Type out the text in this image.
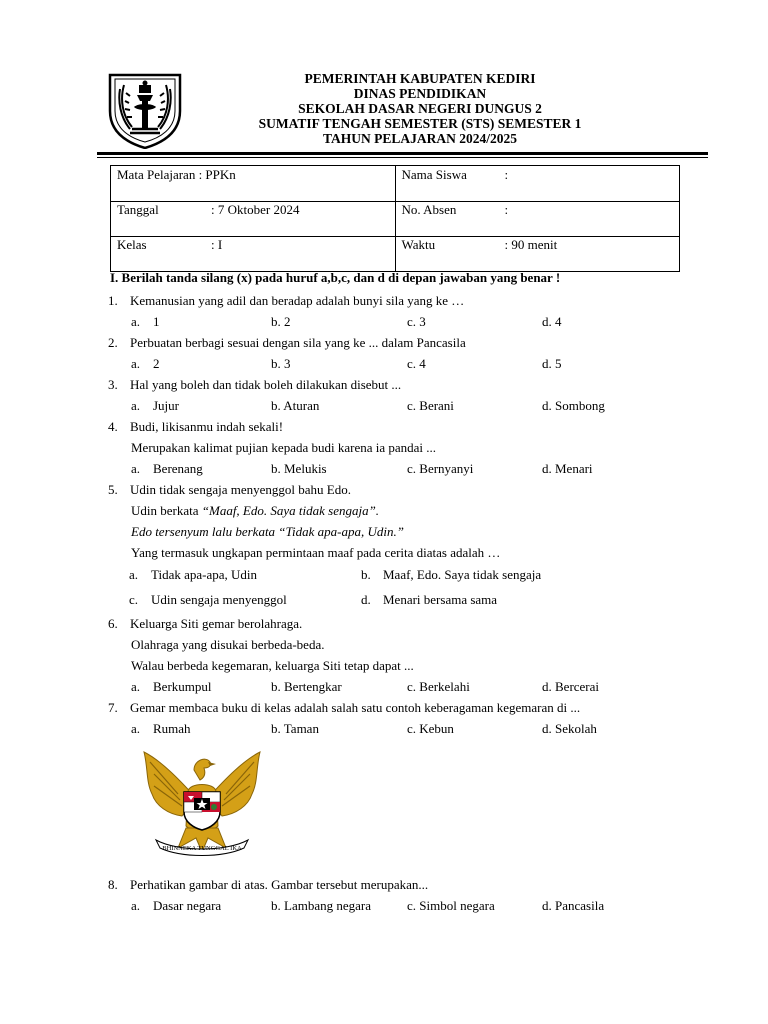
PEMERINTAH KABUPATEN KEDIRI
DINAS PENDIDIKAN
SEKOLAH DASAR NEGERI DUNGUS 2
SUMATIF TENGAH SEMESTER (STS) SEMESTER 1
TAHUN PELAJARAN 2024/2025
Mata Pelajaran : PPKn	Nama Siswa :
Tanggal : 7 Oktober 2024	No. Absen :
Kelas : I	Waktu : 90 menit
I. Berilah tanda silang (x) pada huruf a,b,c, dan d di depan jawaban yang benar !
1. Kemanusian yang adil dan beradap adalah bunyi sila yang ke …
a. 1	b. 2	c. 3	d. 4
2. Perbuatan berbagi sesuai dengan sila yang ke ... dalam Pancasila
a. 2	b. 3	c. 4	d. 5
3. Hal yang boleh dan tidak boleh dilakukan disebut ...
a. Jujur	b. Aturan	c. Berani	d. Sombong
4. Budi, likisanmu indah sekali!
Merupakan kalimat pujian kepada budi karena ia pandai ...
a. Berenang	b. Melukis	c. Bernyanyi	d. Menari
5. Udin tidak sengaja menyenggol bahu Edo.
Udin berkata “Maaf, Edo. Saya tidak sengaja”.
Edo tersenyum lalu berkata “Tidak apa-apa, Udin.”
Yang termasuk ungkapan permintaan maaf pada cerita diatas adalah …
a. Tidak apa-apa, Udin	b. Maaf, Edo. Saya tidak sengaja
c. Udin sengaja menyenggol	d. Menari bersama sama
6. Keluarga Siti gemar berolahraga.
Olahraga yang disukai berbeda-beda.
Walau berbeda kegemaran, keluarga Siti tetap dapat ...
a. Berkumpul	b. Bertengkar	c. Berkelahi	d. Bercerai
7. Gemar membaca buku di kelas adalah salah satu contoh keberagaman kegemaran di ...
a. Rumah	b. Taman	c. Kebun	d. Sekolah
BHINNEKA TUNGGAL IKA
8. Perhatikan gambar di atas. Gambar tersebut merupakan...
a. Dasar negara	b. Lambang negara	c. Simbol negara	d. Pancasila
